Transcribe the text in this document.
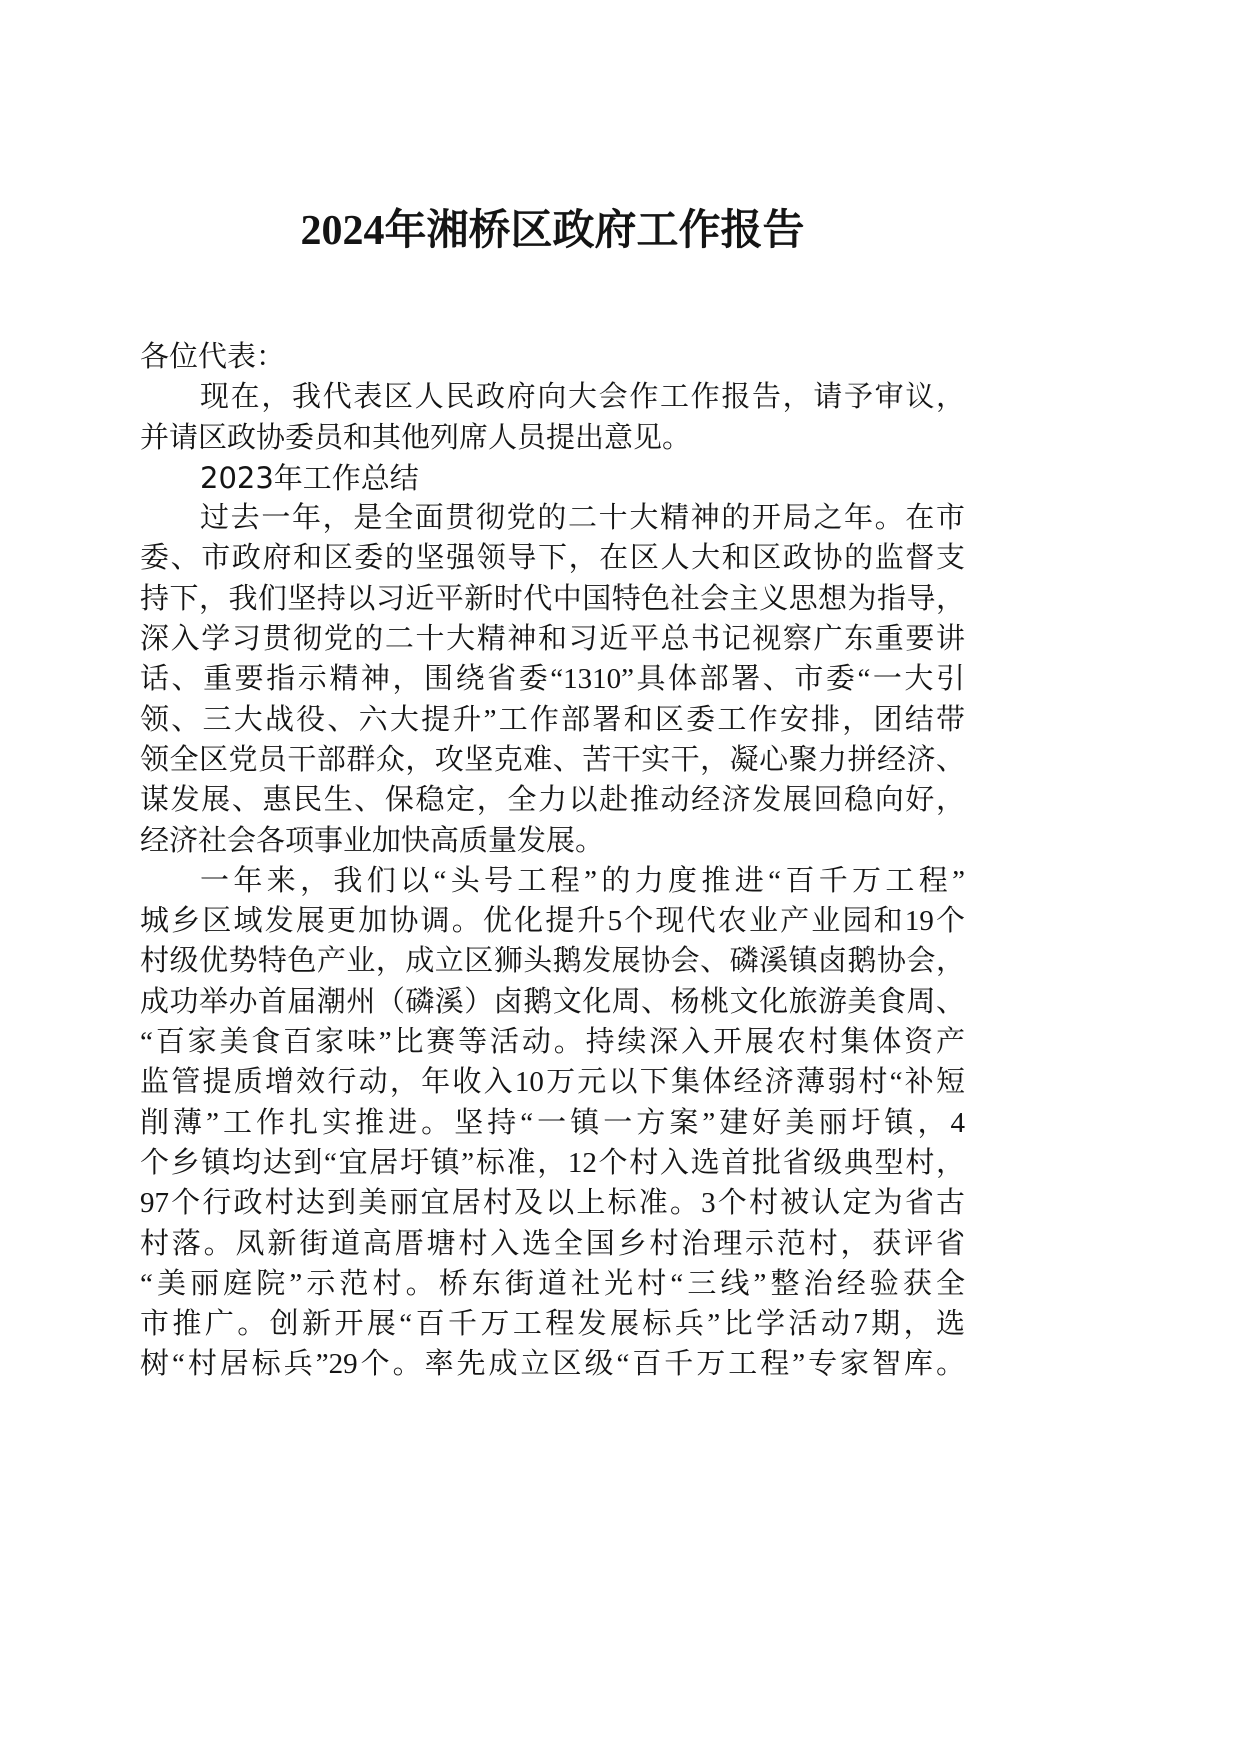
2024年湘桥区政府工作报告
各位代表：
现在，我代表区人民政府向大会作工作报告，请予审议，
并请区政协委员和其他列席人员提出意见。
2023年工作总结
过去一年，是全面贯彻党的二十大精神的开局之年。在市
委、市政府和区委的坚强领导下，在区人大和区政协的监督支
持下，我们坚持以习近平新时代中国特色社会主义思想为指导，
深入学习贯彻党的二十大精神和习近平总书记视察广东重要讲
话、重要指示精神，围绕省委“1310”具体部署、市委“一大引
领、三大战役、六大提升”工作部署和区委工作安排，团结带
领全区党员干部群众，攻坚克难、苦干实干，凝心聚力拼经济、
谋发展、惠民生、保稳定，全力以赴推动经济发展回稳向好，
经济社会各项事业加快高质量发展。
一年来，我们以“头号工程”的力度推进“百千万工程”
城乡区域发展更加协调。优化提升5个现代农业产业园和19个
村级优势特色产业，成立区狮头鹅发展协会、磷溪镇卤鹅协会，
成功举办首届潮州（磷溪）卤鹅文化周、杨桃文化旅游美食周、
“百家美食百家味”比赛等活动。持续深入开展农村集体资产
监管提质增效行动，年收入10万元以下集体经济薄弱村“补短
削薄”工作扎实推进。坚持“一镇一方案”建好美丽圩镇，4
个乡镇均达到“宜居圩镇”标准，12个村入选首批省级典型村，
97个行政村达到美丽宜居村及以上标准。3个村被认定为省古
村落。凤新街道高厝塘村入选全国乡村治理示范村，获评省
“美丽庭院”示范村。桥东街道社光村“三线”整治经验获全
市推广。创新开展“百千万工程发展标兵”比学活动7期，选
树“村居标兵”29个。率先成立区级“百千万工程”专家智库。
